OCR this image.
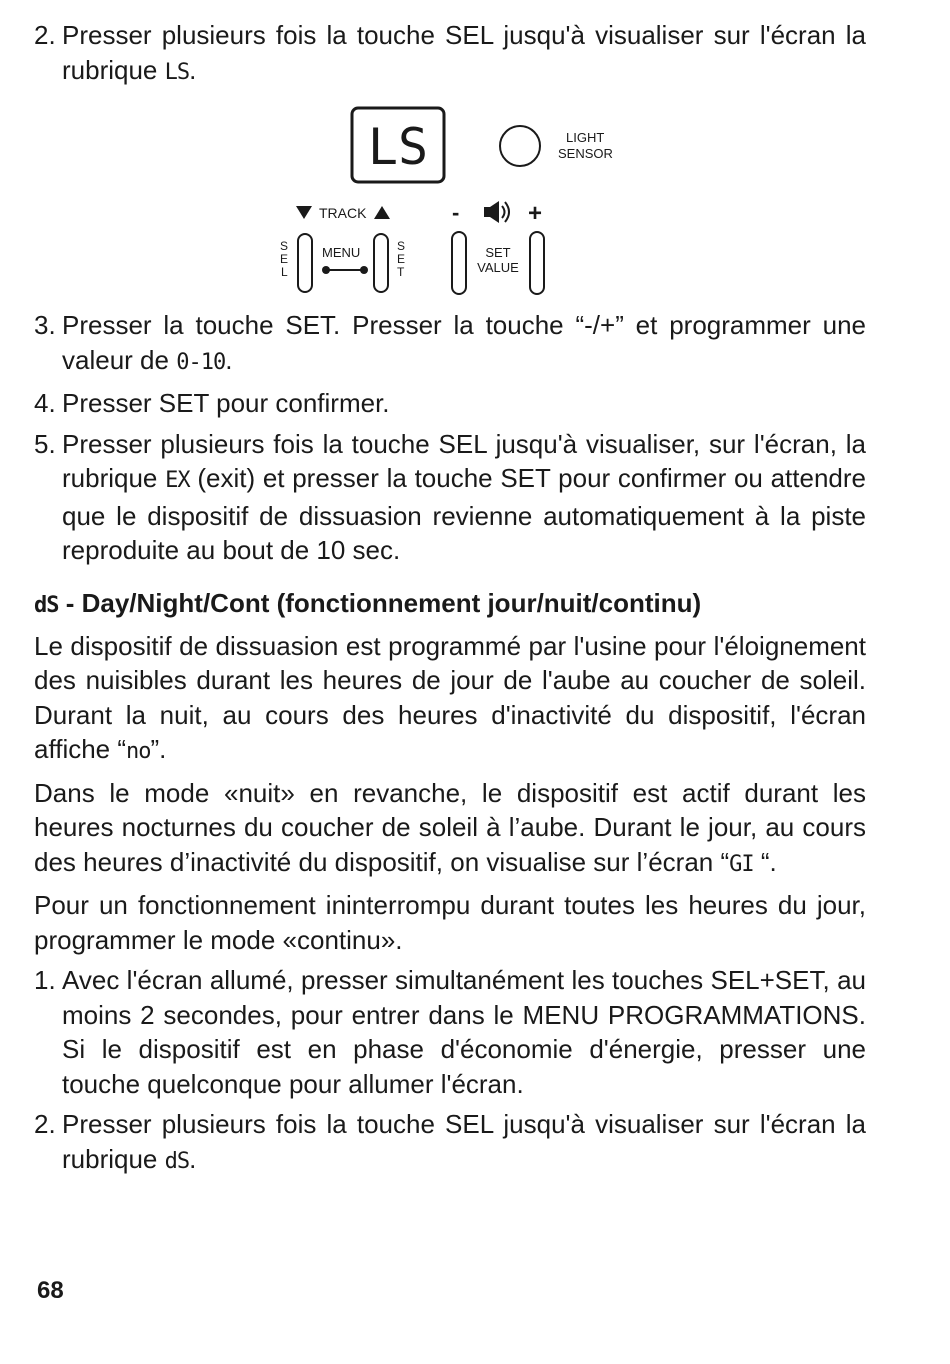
2. Presser plusieurs fois la touche SEL jusqu'à visualiser sur l'écran la rubrique LS.
LS	LIGHT
SENSOR
TRACK	-	+
S
E
L
MENU	S
E
T
SET
VALUE
3. Presser la touche SET. Presser la touche “-/+” et programmer une valeur de 0-10.
4. Presser SET pour confirmer.
5. Presser plusieurs fois la touche SEL jusqu'à visualiser, sur l'écran, la rubrique EX (exit) et presser la touche SET pour confirmer ou attendre que le dispositif de dissuasion revienne automatiquement à la piste reproduite au bout de 10 sec.
dS - Day/Night/Cont (fonctionnement jour/nuit/continu)
Le dispositif de dissuasion est programmé par l'usine pour l'éloignement des nuisibles durant les heures de jour de l'aube au coucher de soleil. Durant la nuit, au cours des heures d'inactivité du dispositif, l'écran affiche “no”.
Dans le mode «nuit» en revanche, le dispositif est actif durant les heures nocturnes du coucher de soleil à l’aube. Durant le jour, au cours des heures d’inactivité du dispositif, on visualise sur l’écran “GI “.
Pour un fonctionnement ininterrompu durant toutes les heures du jour, programmer le mode «continu».
1. Avec l'écran allumé, presser simultanément les touches SEL+SET, au moins 2 secondes, pour entrer dans le MENU PROGRAMMATIONS. Si le dispositif est en phase d'économie d'énergie, presser une touche quelconque pour allumer l'écran.
2. Presser plusieurs fois la touche SEL jusqu'à visualiser sur l'écran la rubrique dS.
68
